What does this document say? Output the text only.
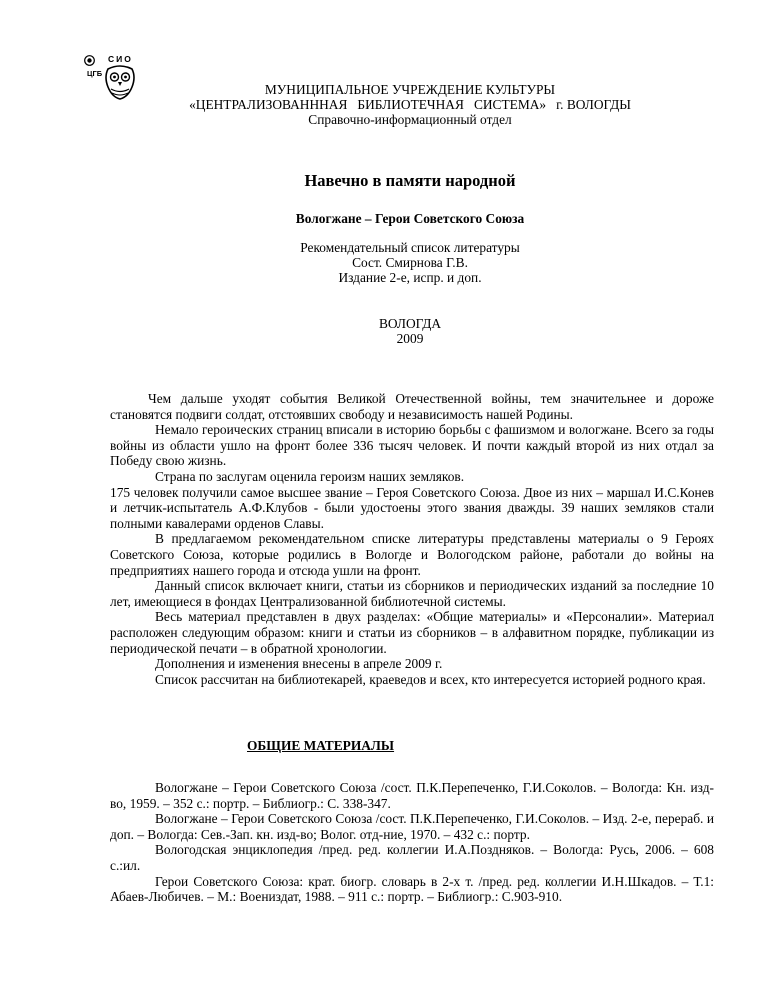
СИО
ЦГБ
МУНИЦИПАЛЬНОЕ УЧРЕЖДЕНИЕ КУЛЬТУРЫ
«ЦЕНТРАЛИЗОВАНННАЯ   БИБЛИОТЕЧНАЯ   СИСТЕМА»   г. ВОЛОГДЫ
Справочно-информационный отдел
Навечно в памяти народной
Вологжане – Герои Советского Союза
Рекомендательный список литературы
Сост. Смирнова Г.В.
Издание 2-е, испр. и доп.
ВОЛОГДА
2009

Чем дальше уходят события Великой Отечественной войны, тем значительнее и дороже становятся подвиги солдат, отстоявших свободу и независимость нашей Родины.

Немало героических страниц вписали в историю борьбы с фашизмом и вологжане. Всего за годы войны из области ушло на фронт более 336 тысяч человек. И почти каждый второй из них отдал за Победу свою жизнь.

Страна по заслугам оценила героизм наших земляков.

175 человек получили самое высшее звание – Героя Советского Союза. Двое из них – маршал И.С.Конев и летчик-испытатель А.Ф.Клубов - были удостоены этого звания дважды. 39 наших земляков стали полными кавалерами орденов Славы.

В предлагаемом рекомендательном списке литературы представлены материалы о 9 Героях Советского Союза, которые родились в Вологде и Вологодском районе, работали до войны на предприятиях нашего города и отсюда ушли на фронт.

Данный список включает книги, статьи из сборников и периодических изданий за последние 10 лет, имеющиеся в фондах Централизованной библиотечной системы.

Весь материал представлен в двух разделах: «Общие материалы» и «Персоналии». Материал расположен следующим образом: книги и статьи из сборников – в алфавитном порядке, публикации из периодической печати – в обратной хронологии.

Дополнения и изменения внесены в апреле 2009 г.

Список рассчитан на библиотекарей, краеведов и всех, кто интересуется историей родного края.

ОБЩИЕ МАТЕРИАЛЫ

Вологжане – Герои Советского Союза /сост. П.К.Перепеченко, Г.И.Соколов. – Вологда: Кн. изд-во, 1959. – 352 с.: портр. – Библиогр.: С. 338-347.

Вологжане – Герои Советского Союза /сост. П.К.Перепеченко, Г.И.Соколов. – Изд. 2-е, перераб. и доп. – Вологда: Сев.-Зап. кн. изд-во; Волог. отд-ние, 1970. – 432 с.: портр.

Вологодская энциклопедия /пред. ред. коллегии И.А.Поздняков. – Вологда: Русь, 2006. – 608 с.:ил.

Герои Советского Союза: крат. биогр. словарь в 2-х т. /пред. ред. коллегии И.Н.Шкадов. – Т.1: Абаев-Любичев. – М.: Воениздат, 1988. – 911 с.: портр. – Библиогр.: С.903-910.
